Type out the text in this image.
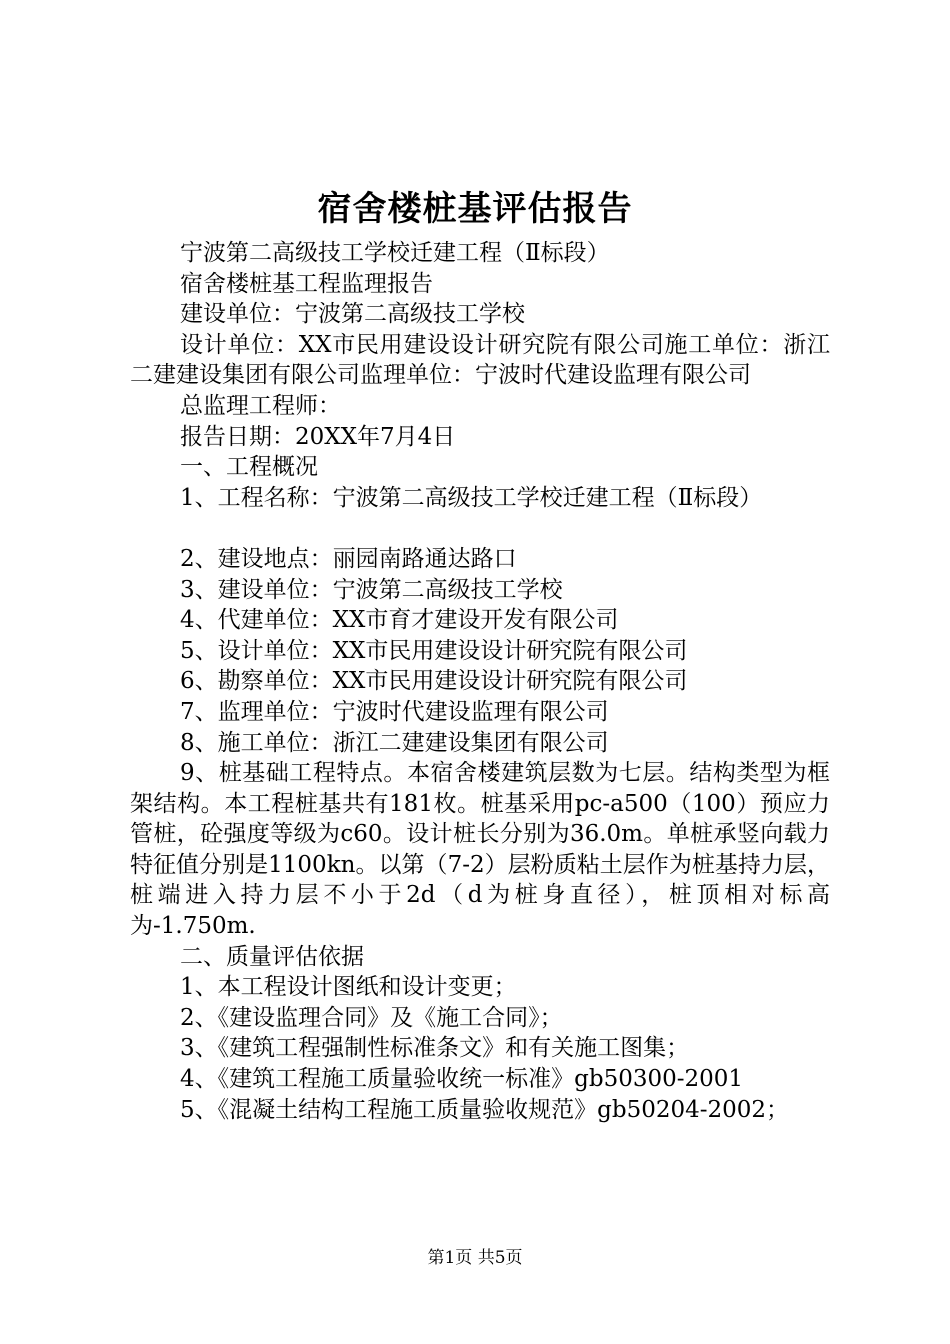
宿舍楼桩基评估报告

宁波第二高级技工学校迁建工程（Ⅱ标段）

宿舍楼桩基工程监理报告

建设单位：宁波第二高级技工学校

设计单位：XX市民用建设设计研究院有限公司施工单位：浙江二建建设集团有限公司监理单位：宁波时代建设监理有限公司

总监理工程师：

报告日期：20XX年7月4日

一、工程概况

1、工程名称：宁波第二高级技工学校迁建工程（Ⅱ标段）

2、建设地点：丽园南路通达路口

3、建设单位：宁波第二高级技工学校

4、代建单位：XX市育才建设开发有限公司

5、设计单位：XX市民用建设设计研究院有限公司

6、勘察单位：XX市民用建设设计研究院有限公司

7、监理单位：宁波时代建设监理有限公司

8、施工单位：浙江二建建设集团有限公司

9、桩基础工程特点。本宿舍楼建筑层数为七层。结构类型为框架结构。本工程桩基共有181枚。桩基采用pc-a500（100）预应力管桩，砼强度等级为c60。设计桩长分别为36.0m。单桩承竖向载力特征值分别是1100kn。以第（7-2）层粉质粘土层作为桩基持力层，桩端进入持力层不小于2d（d为桩身直径），桩顶相对标高为-1.750m.

二、质量评估依据

1、本工程设计图纸和设计变更；

2、《建设监理合同》及《施工合同》；

3、《建筑工程强制性标准条文》和有关施工图集；

4、《建筑工程施工质量验收统一标准》gb50300-2001

5、《混凝土结构工程施工质量验收规范》gb50204-2002；

第1页 共5页
